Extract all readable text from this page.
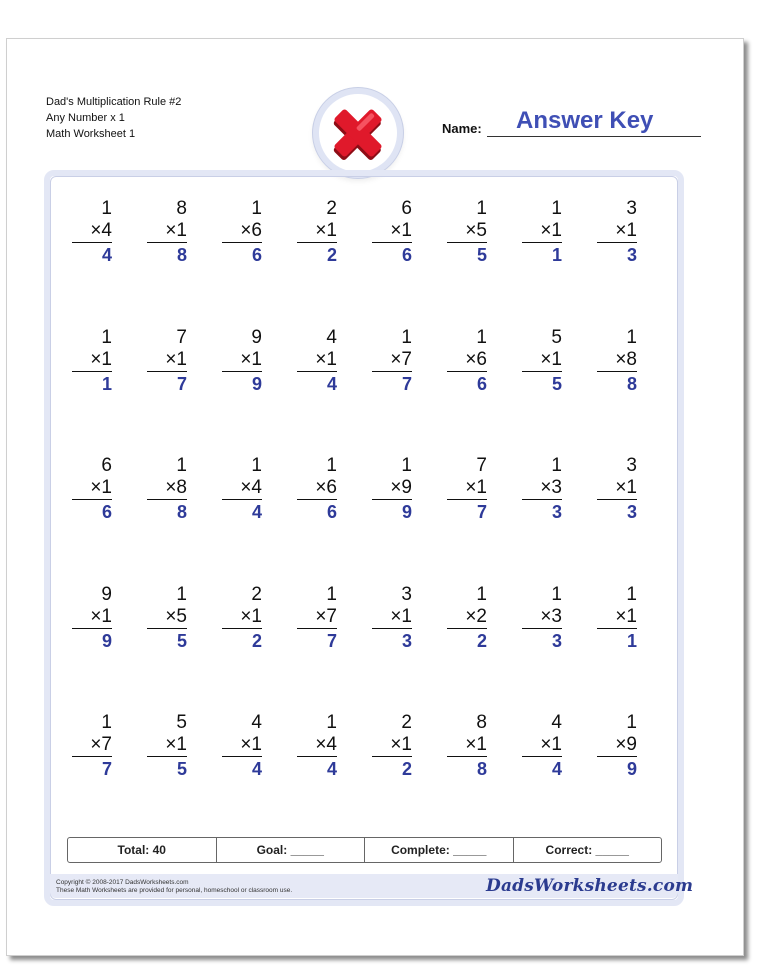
Dad's Multiplication Rule #2
Any Number x 1
Math Worksheet 1	Name: Answer Key
1
×4
4
8
×1
8
1
×6
6
2
×1
2
6
×1
6
1
×5
5
1
×1
1
3
×1
3
1
×1
1
7
×1
7
9
×1
9
4
×1
4
1
×7
7
1
×6
6
5
×1
5
1
×8
8
6
×1
6
1
×8
8
1
×4
4
1
×6
6
1
×9
9
7
×1
7
1
×3
3
3
×1
3
9
×1
9
1
×5
5
2
×1
2
1
×7
7
3
×1
3
1
×2
2
1
×3
3
1
×1
1
1
×7
7
5
×1
5
4
×1
4
1
×4
4
2
×1
2
8
×1
8
4
×1
4
1
×9
9
Total: 40	Goal: _____	Complete: _____	Correct: _____
Copyright © 2008-2017 DadsWorksheets.com
These Math Worksheets are provided for personal, homeschool or classroom use.	DadsWorksheets.com
